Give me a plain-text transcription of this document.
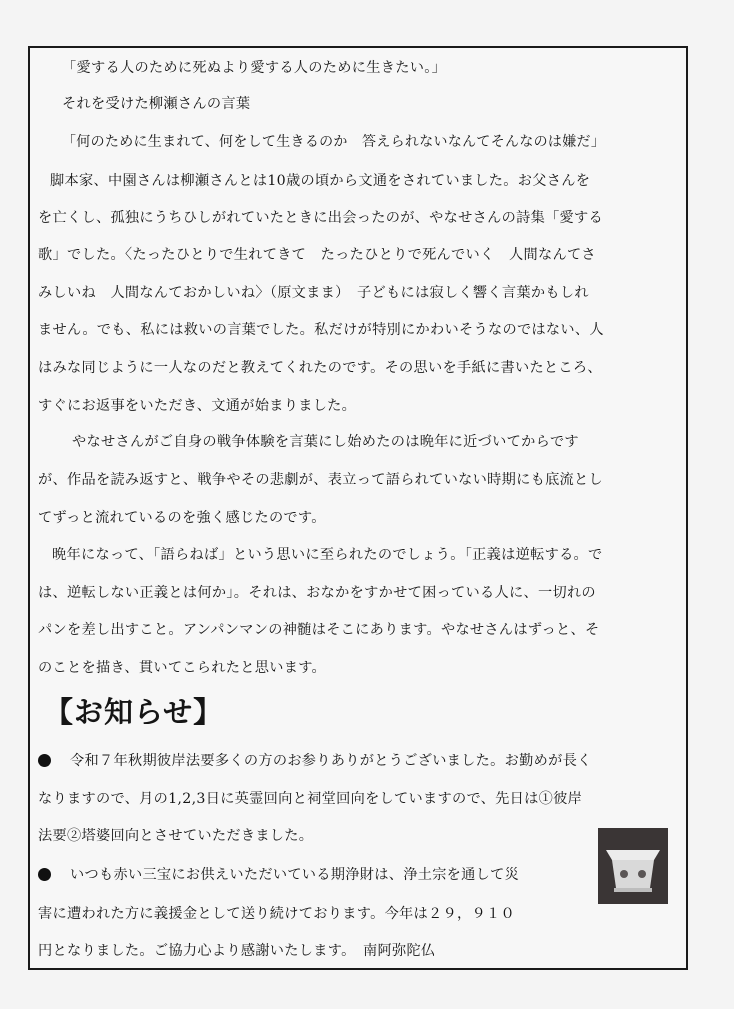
「愛する人のために死ぬより愛する人のために生きたい。」
それを受けた柳瀬さんの言葉
「何のために生まれて、何をして生きるのか　答えられないなんてそんなのは嫌だ」
脚本家、中園さんは柳瀬さんとは10歳の頃から文通をされていました。お父さんを
を亡くし、孤独にうちひしがれていたときに出会ったのが、やなせさんの詩集「愛する
歌」でした。〈たったひとりで生れてきて　たったひとりで死んでいく　人間なんてさ
みしいね　人間なんておかしいね〉（原文まま）　子どもには寂しく響く言葉かもしれ
ません。でも、私には救いの言葉でした。私だけが特別にかわいそうなのではない、人
はみな同じように一人なのだと教えてくれたのです。その思いを手紙に書いたところ、
すぐにお返事をいただき、文通が始まりました。
やなせさんがご自身の戦争体験を言葉にし始めたのは晩年に近づいてからです
が、作品を読み返すと、戦争やその悲劇が、表立って語られていない時期にも底流とし
てずっと流れているのを強く感じたのです。
晩年になって、「語らねば」という思いに至られたのでしょう。「正義は逆転する。で
は、逆転しない正義とは何か」。それは、おなかをすかせて困っている人に、一切れの
パンを差し出すこと。アンパンマンの神髄はそこにあります。やなせさんはずっと、そ
のことを描き、貫いてこられたと思います。
【お知らせ】
令和７年秋期彼岸法要多くの方のお参りありがとうございました。お勤めが長く
なりますので、月の1,2,3日に英霊回向と祠堂回向をしていますので、先日は①彼岸
法要②塔婆回向とさせていただきました。
いつも赤い三宝にお供えいただいている期浄財は、浄土宗を通して災
害に遭われた方に義援金として送り続けております。今年は２９，９１０
円となりました。ご協力心より感謝いたします。　南阿弥陀仏
